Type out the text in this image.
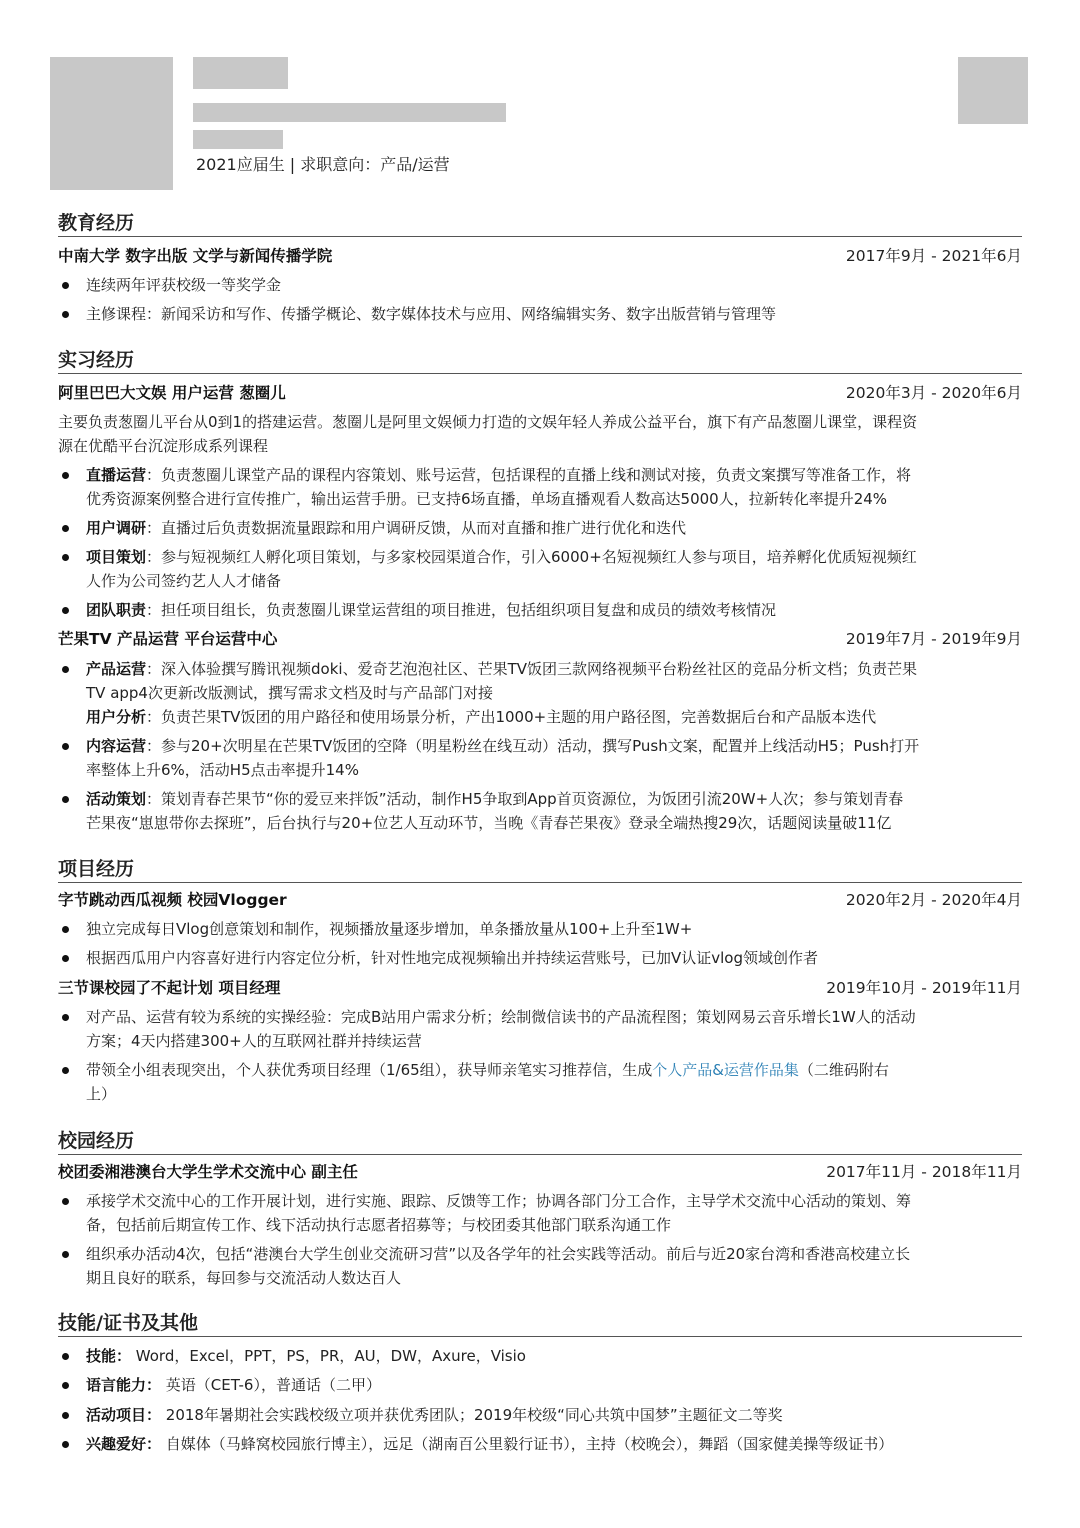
2021应届生 | 求职意向：产品/运营
教育经历
中南大学 数字出版 文学与新闻传播学院	2017年9月 - 2021年6月
连续两年评获校级一等奖学金
主修课程：新闻采访和写作、传播学概论、数字媒体技术与应用、网络编辑实务、数字出版营销与管理等
实习经历
阿里巴巴大文娱 用户运营 葱圈儿	2020年3月 - 2020年6月
主要负责葱圈儿平台从0到1的搭建运营。葱圈儿是阿里文娱倾力打造的文娱年轻人养成公益平台，旗下有产品葱圈儿课堂，课程资
源在优酷平台沉淀形成系列课程
直播运营：负责葱圈儿课堂产品的课程内容策划、账号运营，包括课程的直播上线和测试对接，负责文案撰写等准备工作，将
优秀资源案例整合进行宣传推广，输出运营手册。已支持6场直播，单场直播观看人数高达5000人，拉新转化率提升24%
用户调研：直播过后负责数据流量跟踪和用户调研反馈，从而对直播和推广进行优化和迭代
项目策划：参与短视频红人孵化项目策划，与多家校园渠道合作，引入6000+名短视频红人参与项目，培养孵化优质短视频红
人作为公司签约艺人人才储备
团队职责：担任项目组长，负责葱圈儿课堂运营组的项目推进，包括组织项目复盘和成员的绩效考核情况
芒果TV 产品运营 平台运营中心	2019年7月 - 2019年9月
产品运营：深入体验撰写腾讯视频doki、爱奇艺泡泡社区、芒果TV饭团三款网络视频平台粉丝社区的竞品分析文档；负责芒果
TV app4次更新改版测试，撰写需求文档及时与产品部门对接
用户分析：负责芒果TV饭团的用户路径和使用场景分析，产出1000+主题的用户路径图，完善数据后台和产品版本迭代
内容运营：参与20+次明星在芒果TV饭团的空降（明星粉丝在线互动）活动，撰写Push文案，配置并上线活动H5；Push打开
率整体上升6%，活动H5点击率提升14%
活动策划：策划青春芒果节“你的爱豆来拌饭”活动，制作H5争取到App首页资源位，为饭团引流20W+人次；参与策划青春
芒果夜“崽崽带你去探班”，后台执行与20+位艺人互动环节，当晚《青春芒果夜》登录全端热搜29次，话题阅读量破11亿
项目经历
字节跳动西瓜视频 校园Vlogger	2020年2月 - 2020年4月
独立完成每日Vlog创意策划和制作，视频播放量逐步增加，单条播放量从100+上升至1W+
根据西瓜用户内容喜好进行内容定位分析，针对性地完成视频输出并持续运营账号，已加V认证vlog领域创作者
三节课校园了不起计划 项目经理	2019年10月 - 2019年11月
对产品、运营有较为系统的实操经验：完成B站用户需求分析；绘制微信读书的产品流程图；策划网易云音乐增长1W人的活动
方案；4天内搭建300+人的互联网社群并持续运营
带领全小组表现突出，个人获优秀项目经理（1/65组），获导师亲笔实习推荐信，生成个人产品&运营作品集（二维码附右
上）
校园经历
校团委湘港澳台大学生学术交流中心 副主任	2017年11月 - 2018年11月
承接学术交流中心的工作开展计划，进行实施、跟踪、反馈等工作；协调各部门分工合作，主导学术交流中心活动的策划、筹
备，包括前后期宣传工作、线下活动执行志愿者招募等；与校团委其他部门联系沟通工作
组织承办活动4次，包括“港澳台大学生创业交流研习营”以及各学年的社会实践等活动。前后与近20家台湾和香港高校建立长
期且良好的联系，每回参与交流活动人数达百人
技能/证书及其他
技能： Word，Excel，PPT，PS，PR，AU，DW，Axure，Visio
语言能力： 英语（CET-6），普通话（二甲）
活动项目： 2018年暑期社会实践校级立项并获优秀团队；2019年校级“同心共筑中国梦”主题征文二等奖
兴趣爱好： 自媒体（马蜂窝校园旅行博主），远足（湖南百公里毅行证书），主持（校晚会），舞蹈（国家健美操等级证书）
